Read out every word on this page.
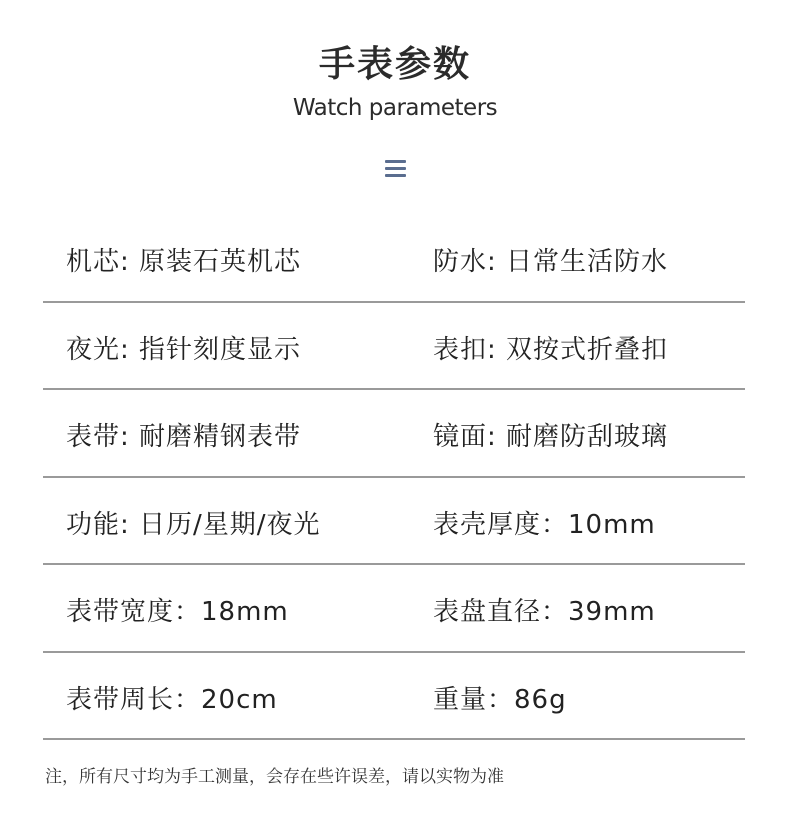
手表参数
Watch parameters
机芯: 原装石英机芯	防水: 日常生活防水
夜光: 指针刻度显示	表扣: 双按式折叠扣
表带: 耐磨精钢表带	镜面: 耐磨防刮玻璃
功能: 日历/星期/夜光	表壳厚度：10mm
表带宽度：18mm	表盘直径：39mm
表带周长：20cm	重量：86g
注，所有尺寸均为手工测量，会存在些许误差，请以实物为准
